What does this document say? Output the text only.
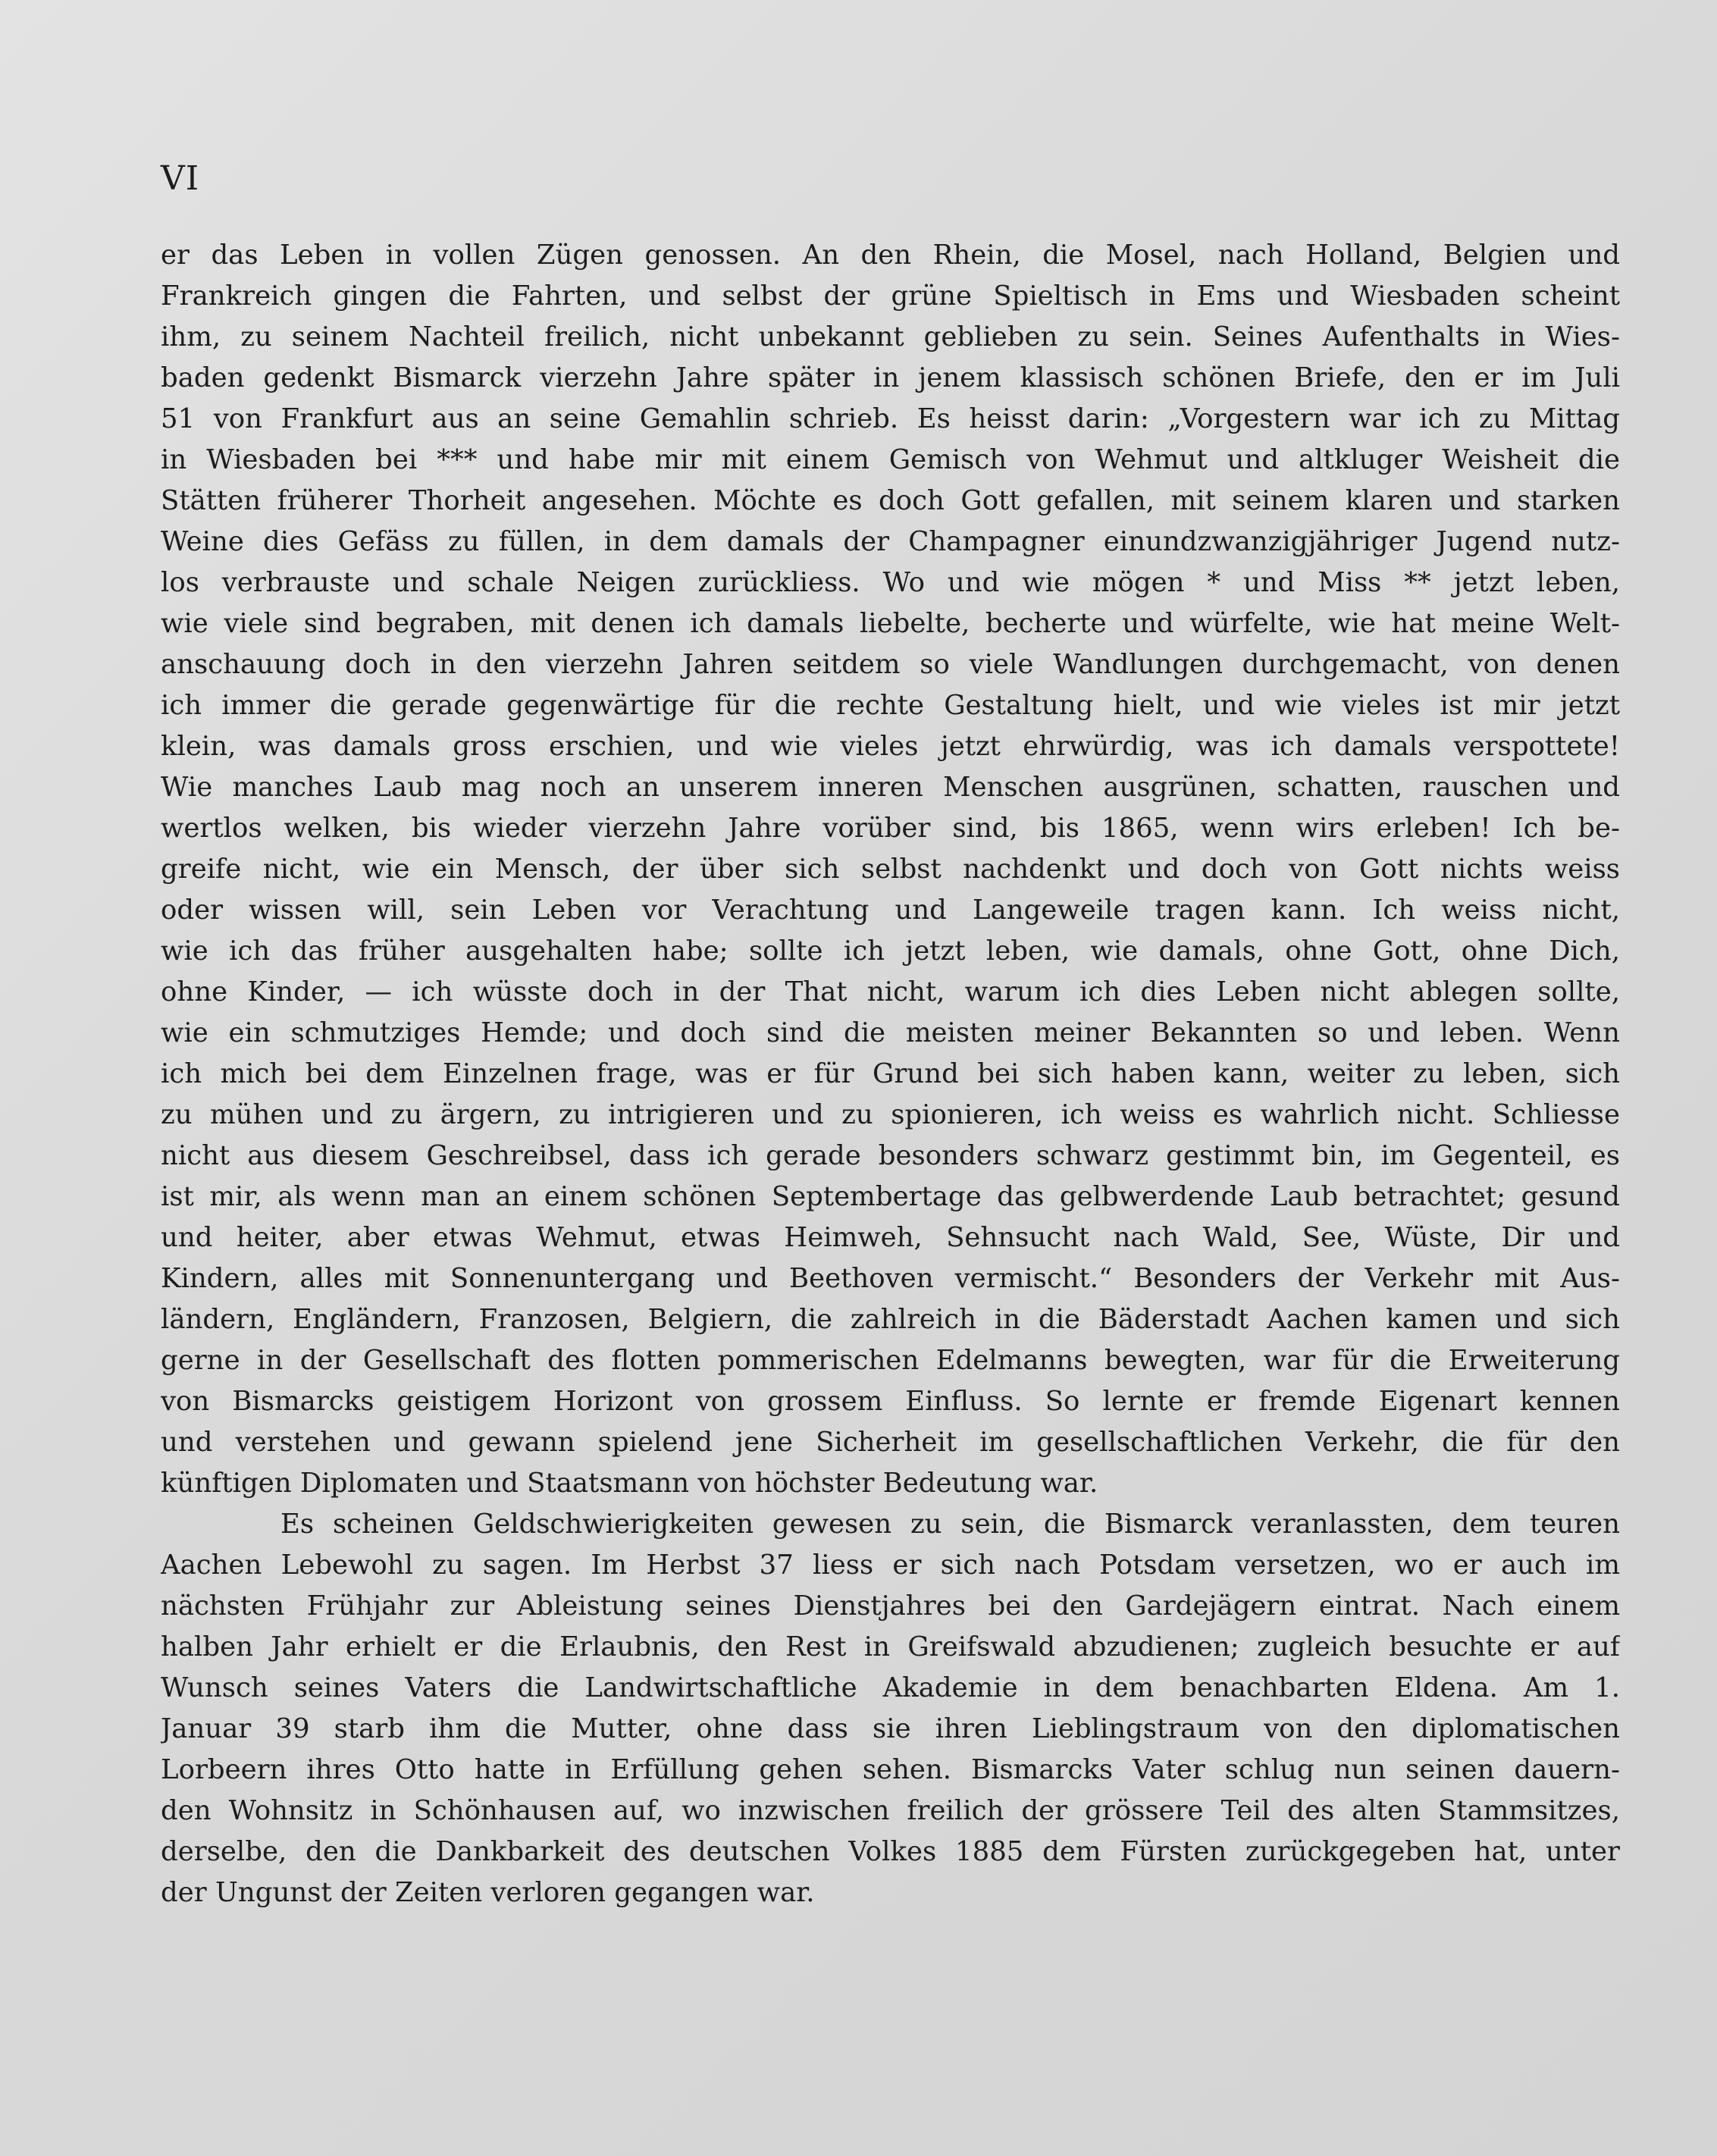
VI
er das Leben in vollen Zügen genossen. An den Rhein, die Mosel, nach Holland, Belgien und
Frankreich gingen die Fahrten, und selbst der grüne Spieltisch in Ems und Wiesbaden scheint
ihm, zu seinem Nachteil freilich, nicht unbekannt geblieben zu sein. Seines Aufenthalts in Wies-
baden gedenkt Bismarck vierzehn Jahre später in jenem klassisch schönen Briefe, den er im Juli
51 von Frankfurt aus an seine Gemahlin schrieb. Es heisst darin: „Vorgestern war ich zu Mittag
in Wiesbaden bei *** und habe mir mit einem Gemisch von Wehmut und altkluger Weisheit die
Stätten früherer Thorheit angesehen. Möchte es doch Gott gefallen, mit seinem klaren und starken
Weine dies Gefäss zu füllen, in dem damals der Champagner einundzwanzigjähriger Jugend nutz-
los verbrauste und schale Neigen zurückliess. Wo und wie mögen * und Miss ** jetzt leben,
wie viele sind begraben, mit denen ich damals liebelte, becherte und würfelte, wie hat meine Welt-
anschauung doch in den vierzehn Jahren seitdem so viele Wandlungen durchgemacht, von denen
ich immer die gerade gegenwärtige für die rechte Gestaltung hielt, und wie vieles ist mir jetzt
klein, was damals gross erschien, und wie vieles jetzt ehrwürdig, was ich damals verspottete!
Wie manches Laub mag noch an unserem inneren Menschen ausgrünen, schatten, rauschen und
wertlos welken, bis wieder vierzehn Jahre vorüber sind, bis 1865, wenn wirs erleben! Ich be-
greife nicht, wie ein Mensch, der über sich selbst nachdenkt und doch von Gott nichts weiss
oder wissen will, sein Leben vor Verachtung und Langeweile tragen kann. Ich weiss nicht,
wie ich das früher ausgehalten habe; sollte ich jetzt leben, wie damals, ohne Gott, ohne Dich,
ohne Kinder, — ich wüsste doch in der That nicht, warum ich dies Leben nicht ablegen sollte,
wie ein schmutziges Hemde; und doch sind die meisten meiner Bekannten so und leben. Wenn
ich mich bei dem Einzelnen frage, was er für Grund bei sich haben kann, weiter zu leben, sich
zu mühen und zu ärgern, zu intrigieren und zu spionieren, ich weiss es wahrlich nicht. Schliesse
nicht aus diesem Geschreibsel, dass ich gerade besonders schwarz gestimmt bin, im Gegenteil, es
ist mir, als wenn man an einem schönen Septembertage das gelbwerdende Laub betrachtet; gesund
und heiter, aber etwas Wehmut, etwas Heimweh, Sehnsucht nach Wald, See, Wüste, Dir und
Kindern, alles mit Sonnenuntergang und Beethoven vermischt.“ Besonders der Verkehr mit Aus-
ländern, Engländern, Franzosen, Belgiern, die zahlreich in die Bäderstadt Aachen kamen und sich
gerne in der Gesellschaft des flotten pommerischen Edelmanns bewegten, war für die Erweiterung
von Bismarcks geistigem Horizont von grossem Einfluss. So lernte er fremde Eigenart kennen
und verstehen und gewann spielend jene Sicherheit im gesellschaftlichen Verkehr, die für den
künftigen Diplomaten und Staatsmann von höchster Bedeutung war.
Es scheinen Geldschwierigkeiten gewesen zu sein, die Bismarck veranlassten, dem teuren
Aachen Lebewohl zu sagen. Im Herbst 37 liess er sich nach Potsdam versetzen, wo er auch im
nächsten Frühjahr zur Ableistung seines Dienstjahres bei den Gardejägern eintrat. Nach einem
halben Jahr erhielt er die Erlaubnis, den Rest in Greifswald abzudienen; zugleich besuchte er auf
Wunsch seines Vaters die Landwirtschaftliche Akademie in dem benachbarten Eldena. Am 1.
Januar 39 starb ihm die Mutter, ohne dass sie ihren Lieblingstraum von den diplomatischen
Lorbeern ihres Otto hatte in Erfüllung gehen sehen. Bismarcks Vater schlug nun seinen dauern-
den Wohnsitz in Schönhausen auf, wo inzwischen freilich der grössere Teil des alten Stammsitzes,
derselbe, den die Dankbarkeit des deutschen Volkes 1885 dem Fürsten zurückgegeben hat, unter
der Ungunst der Zeiten verloren gegangen war.
